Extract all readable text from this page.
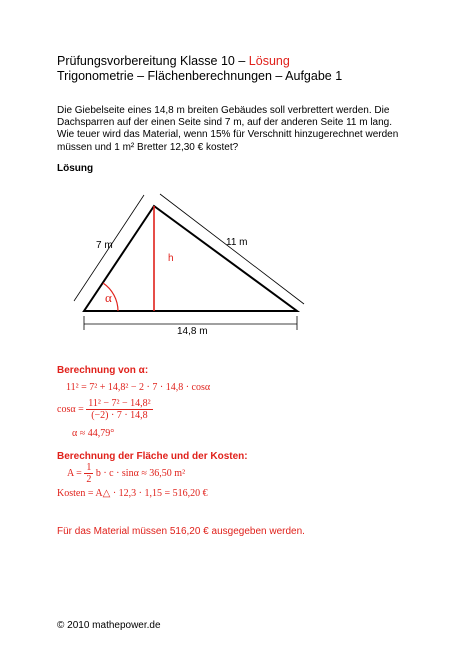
Prüfungsvorbereitung Klasse 10 – Lösung
Trigonometrie – Flächenberechnungen – Aufgabe 1
Die Giebelseite eines 14,8 m breiten Gebäudes soll verbrettert werden. Die
Dachsparren auf der einen Seite sind 7 m, auf der anderen Seite 11 m lang.
Wie teuer wird das Material, wenn 15% für Verschnitt hinzugerechnet werden
müssen und 1 m² Bretter 12,30 € kostet?
Lösung
7 m	11 m
h
α
14,8 m
Berechnung von α:
11² = 7² + 14,8² − 2 · 7 · 14,8 · cosα
$\cos\alpha = \frac{\text{11² − 7² − 14,8²}}{(-2) \cdot 7 \cdot 14,8}$
α ≈ 44,79°
Berechnung der Fläche und der Kosten:
$A = \frac{1}{2}$ b · c · sinα ≈ 36,50 m²
Kosten = A△ · 12,3 · 1,15 = 516,20 €
Für das Material müssen 516,20 € ausgegeben werden.
© 2010 mathepower.de
